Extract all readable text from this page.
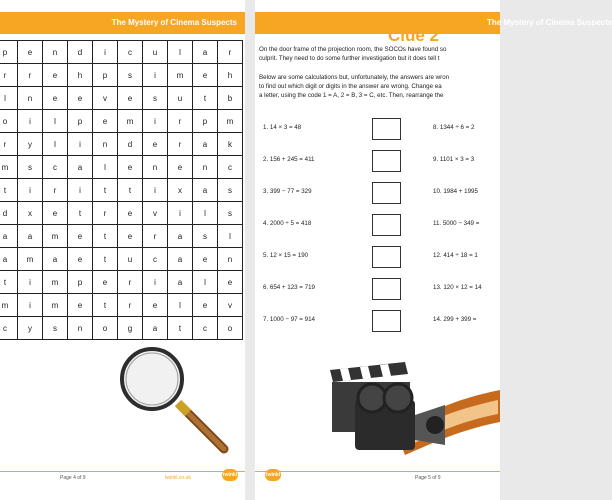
The Mystery of Cinema Suspects
p	e	n	d	i	c	u	l	a	r
r	r	e	h	p	s	i	m	e	h
l	n	e	e	v	e	s	u	t	b
o	i	l	p	e	m	i	r	p	m
r	y	l	i	n	d	e	r	a	k
m	s	c	a	l	e	n	e	n	c
t	i	r	i	t	t	i	x	a	s
d	x	e	t	r	e	v	i	l	s
a	a	m	e	t	e	r	a	s	l
a	m	a	e	t	u	c	a	e	n
t	i	m	p	e	r	i	a	l	e
m	i	m	e	t	r	e	l	e	v
c	y	s	n	o	g	a	t	c	o
Page 4 of 9	twinkl.co.uk	twinkl
The Mystery of Cinema Suspects
Clue 2
On the door frame of the projection room, the SOCOs have found so
culprit. They need to do some further investigation but it does tell t
Below are some calculations but, unfortunately, the answers are wron
to find out which digit or digits in the answer are wrong. Change ea
a letter, using the code 1 = A, 2 = B, 3 = C, etc. Then, rearrange the
1. 14 × 3 = 48
2. 156 + 245 = 411
3. 399 − 77 = 329
4. 2000 ÷ 5 = 418
5. 12 × 15 = 190
6. 654 + 123 = 719
7. 1000 − 97 = 914
8. 1344 ÷ 6 = 2
9. 1101 × 3 = 3
10. 1984 + 1995
11. 5000 − 349 =
12. 414 ÷ 18 = 1
13. 120 × 12 = 14
14. 299 + 399 =
twinkl	Page 5 of 9
